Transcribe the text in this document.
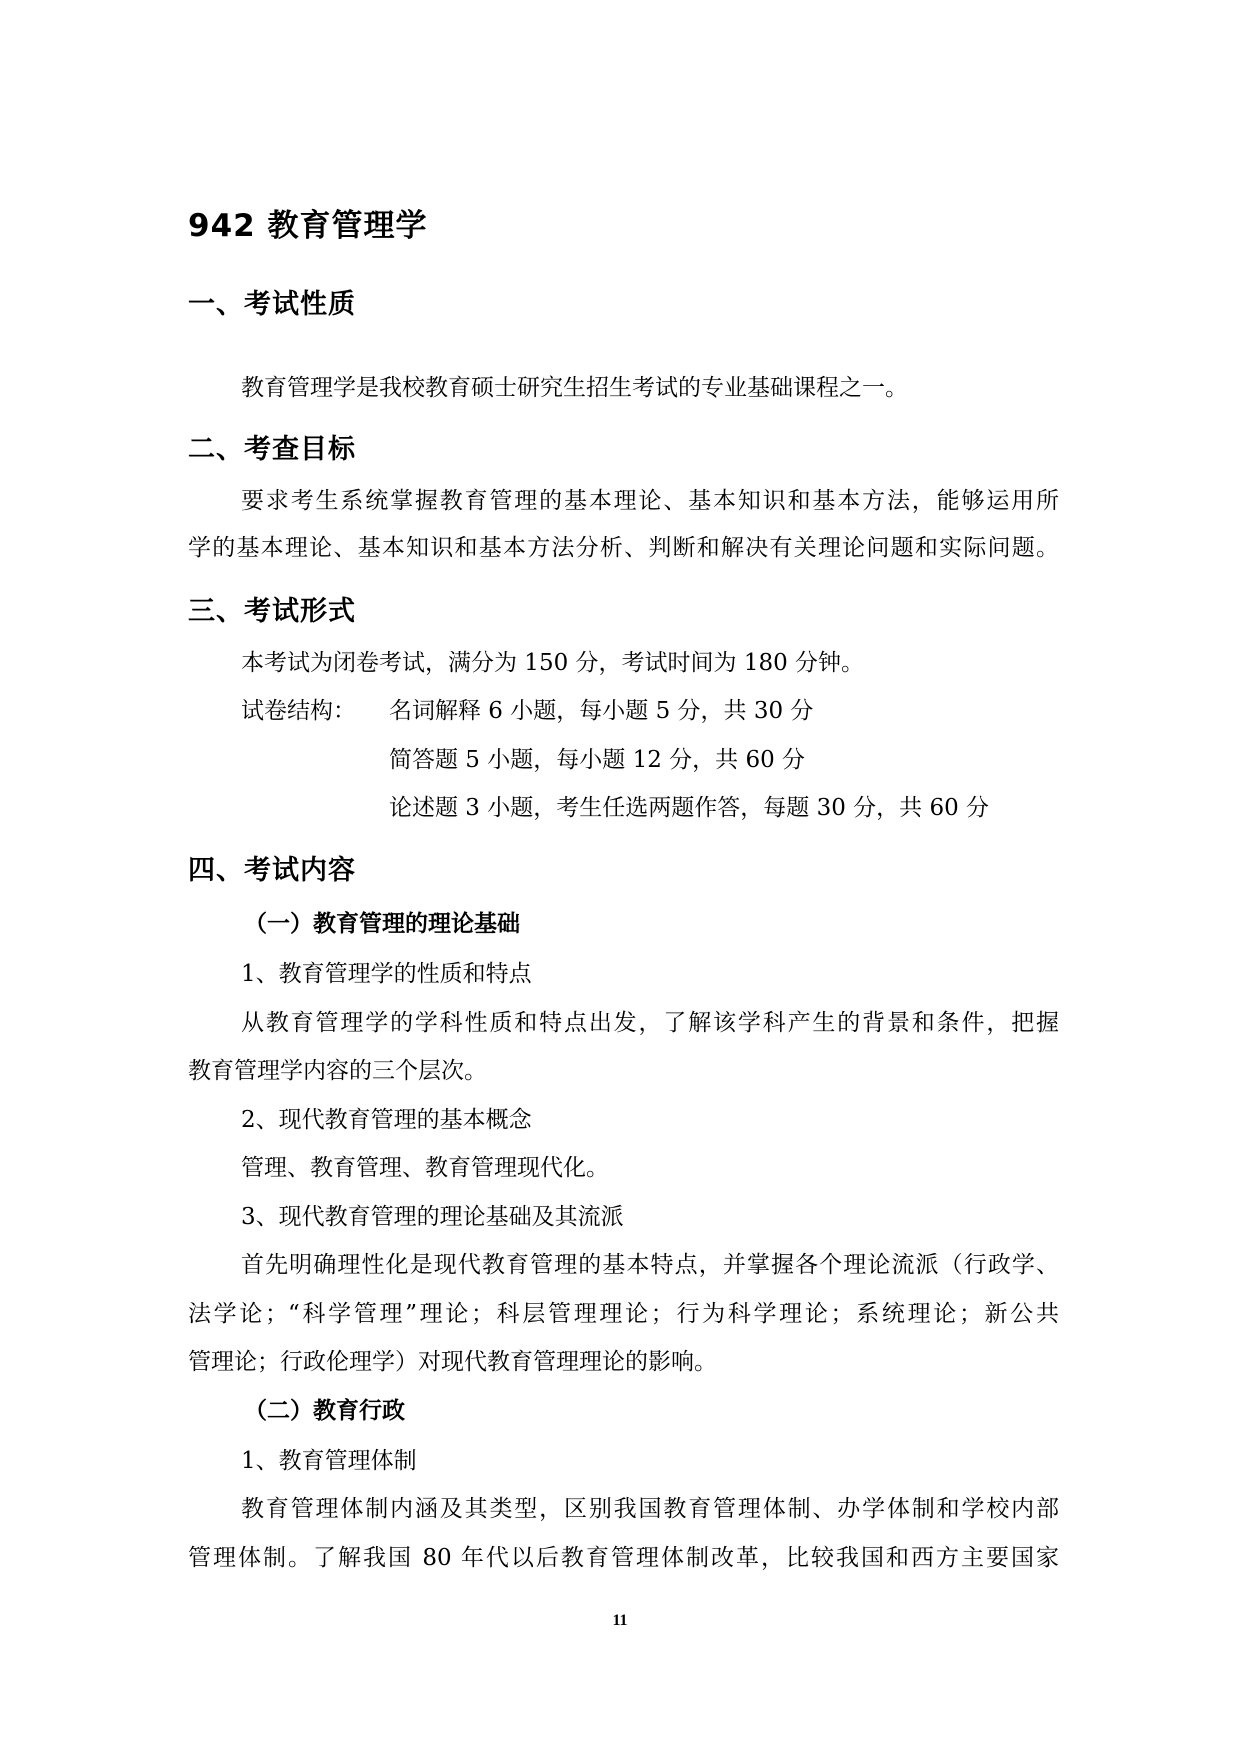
942 教育管理学
一、考试性质

教育管理学是我校教育硕士研究生招生考试的专业基础课程之一。

二、考查目标

要求考生系统掌握教育管理的基本理论、基本知识和基本方法，能够运用所

学的基本理论、基本知识和基本方法分析、判断和解决有关理论问题和实际问题。

三、考试形式

本考试为闭卷考试，满分为 150 分，考试时间为 180 分钟。

试卷结构： 名词解释 6 小题，每小题 5 分，共 30 分

简答题 5 小题，每小题 12 分，共 60 分

论述题 3 小题，考生任选两题作答，每题 30 分，共 60 分

四、考试内容
（一）教育管理的理论基础

1、教育管理学的性质和特点

从教育管理学的学科性质和特点出发，了解该学科产生的背景和条件，把握

教育管理学内容的三个层次。

2、现代教育管理的基本概念

管理、教育管理、教育管理现代化。

3、现代教育管理的理论基础及其流派

首先明确理性化是现代教育管理的基本特点，并掌握各个理论流派（行政学、

法学论；“科学管理”理论；科层管理理论；行为科学理论；系统理论；新公共

管理论；行政伦理学）对现代教育管理理论的影响。

（二）教育行政

1、教育管理体制

教育管理体制内涵及其类型，区别我国教育管理体制、办学体制和学校内部

管理体制。了解我国 80 年代以后教育管理体制改革，比较我国和西方主要国家

11
